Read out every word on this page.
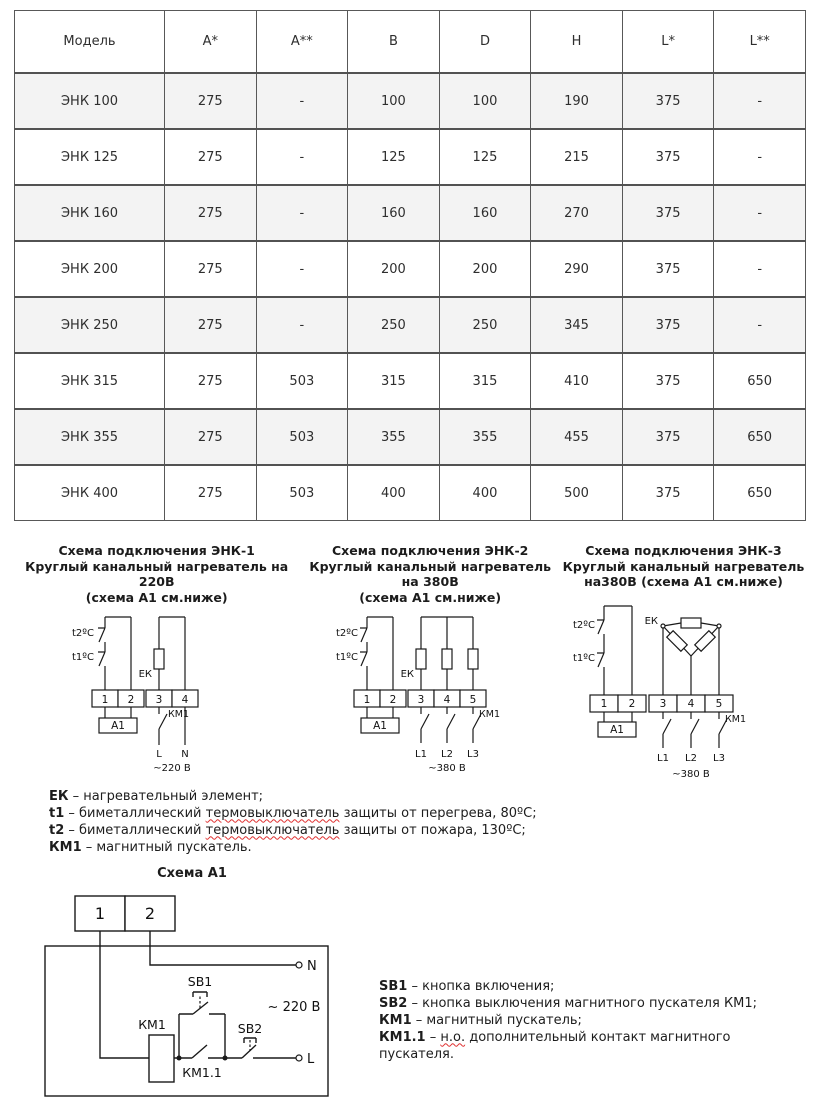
Модель	A*	A**	B	D	H	L*	L**
ЭНК 100	275	-	100	100	190	375	-
ЭНК 125	275	-	125	125	215	375	-
ЭНК 160	275	-	160	160	270	375	-
ЭНК 200	275	-	200	200	290	375	-
ЭНК 250	275	-	250	250	345	375	-
ЭНК 315	275	503	315	315	410	375	650
ЭНК 355	275	503	355	355	455	375	650
ЭНК 400	275	503	400	400	500	375	650
Схема подключения ЭНК-1
Круглый канальный нагреватель на 220В
(схема А1 см.ниже)
t2ºC
t1ºC
ЕК
1 2 3 4
А1
КМ1
L N
~220 В
Схема подключения ЭНК-2
Круглый канальный нагреватель на 380В
(схема А1 см.ниже)
t2ºC
t1ºC
ЕК
1 2 3 4 5
А1
КМ1
L1 L2 L3
~380 В
Схема подключения ЭНК-3
Круглый канальный нагреватель
на380В (схема А1 см.ниже)
t2ºC
t1ºC
ЕК
1 2 3 4 5
А1
КМ1
L1 L2 L3
~380 В
ЕК – нагревательный элемент;
t1 – биметаллический термовыключатель защиты от перегрева, 80ºС;
t2 – биметаллический термовыключатель защиты от пожара, 130ºС;
КМ1 – магнитный пускатель.
Схема А1
1 2
N
L
КМ1
SB1
SB2
КМ1.1
~ 220 В
SB1 – кнопка включения;
SB2 – кнопка выключения магнитного пускателя КМ1;
КМ1 – магнитный пускатель;
КМ1.1 – н.о. дополнительный контакт магнитного пускателя.
